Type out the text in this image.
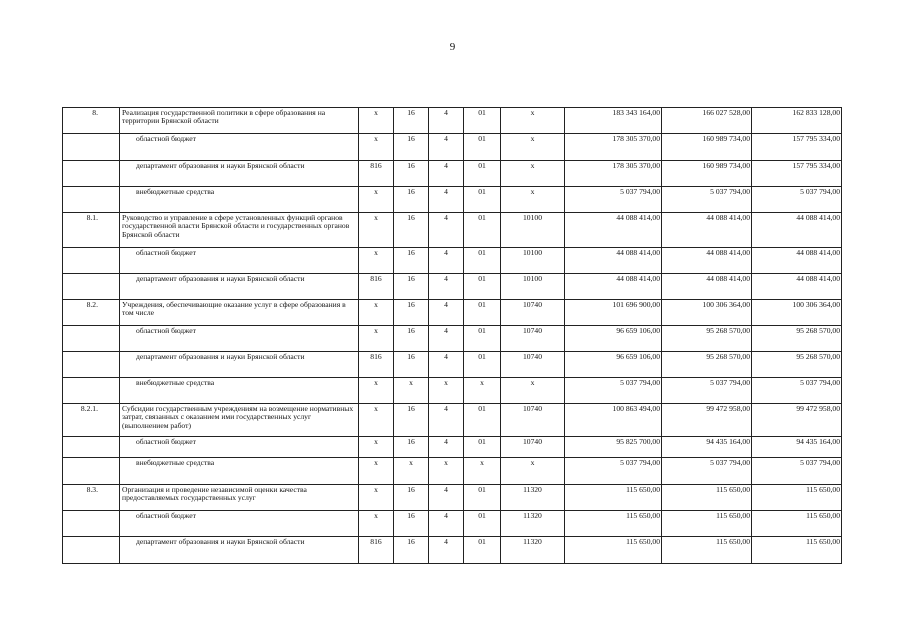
9
8.	Реализация государственной политики в сфере образования на территории Брянской области	х	16	4	01	х	183 343 164,00	166 027 528,00	162 833 128,00
	областной бюджет	х	16	4	01	х	178 305 370,00	160 989 734,00	157 795 334,00
	департамент образования и науки Брянской области	816	16	4	01	х	178 305 370,00	160 989 734,00	157 795 334,00
	внебюджетные средства	х	16	4	01	х	5 037 794,00	5 037 794,00	5 037 794,00
8.1.	Руководство и управление в сфере установленных функций органов государственной власти Брянской области и государственных органов Брянской области	х	16	4	01	10100	44 088 414,00	44 088 414,00	44 088 414,00
	областной бюджет	х	16	4	01	10100	44 088 414,00	44 088 414,00	44 088 414,00
	департамент образования и науки Брянской области	816	16	4	01	10100	44 088 414,00	44 088 414,00	44 088 414,00
8.2.	Учреждения, обеспечивающие оказание услуг в сфере образования в том числе	х	16	4	01	10740	101 696 900,00	100 306 364,00	100 306 364,00
	областной бюджет	х	16	4	01	10740	96 659 106,00	95 268 570,00	95 268 570,00
	департамент образования и науки Брянской области	816	16	4	01	10740	96 659 106,00	95 268 570,00	95 268 570,00
	внебюджетные средства	х	х	х	х	х	5 037 794,00	5 037 794,00	5 037 794,00
8.2.1.	Субсидии государственным учреждениям на возмещение нормативных затрат, связанных с оказанием ими государственных услуг (выполнением работ)	х	16	4	01	10740	100 863 494,00	99 472 958,00	99 472 958,00
	областной бюджет	х	16	4	01	10740	95 825 700,00	94 435 164,00	94 435 164,00
	внебюджетные средства	х	х	х	х	х	5 037 794,00	5 037 794,00	5 037 794,00
8.3.	Организация и проведение независимой оценки качества предоставляемых государственных услуг	х	16	4	01	11320	115 650,00	115 650,00	115 650,00
	областной бюджет	х	16	4	01	11320	115 650,00	115 650,00	115 650,00
	департамент образования и науки Брянской области	816	16	4	01	11320	115 650,00	115 650,00	115 650,00
